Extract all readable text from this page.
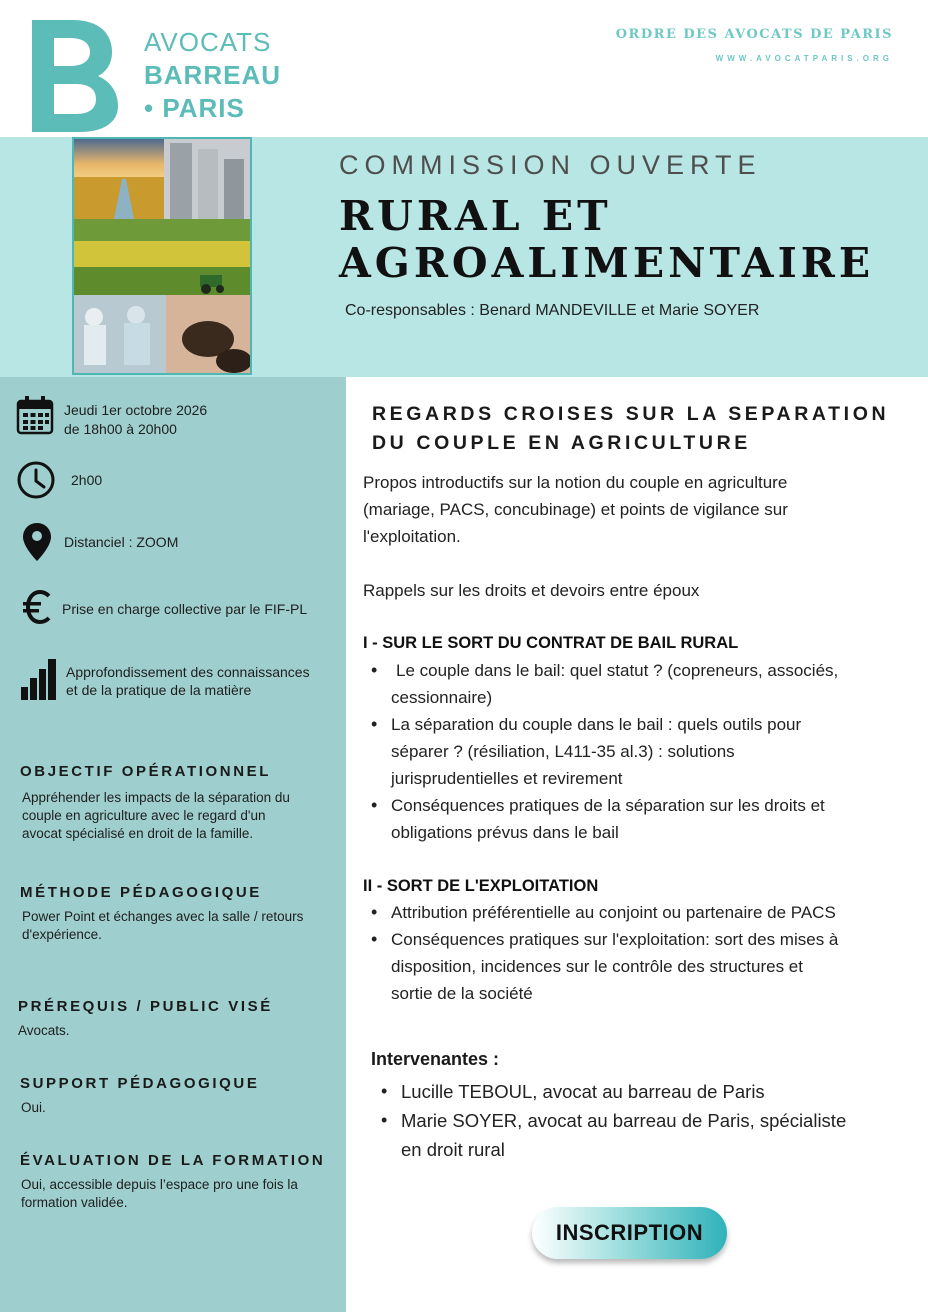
AVOCATS
BARREAU
• PARIS
ORDRE DES AVOCATS DE PARIS
WWW.AVOCATPARIS.ORG
COMMISSION OUVERTE
RURAL ET
AGROALIMENTAIRE
Co-responsables : Benard MANDEVILLE et Marie SOYER
Jeudi 1er octobre 2026
de 18h00 à 20h00
2h00
Distanciel : ZOOM
Prise en charge collective par le FIF-PL
Approfondissement des connaissances
et de la pratique de la matière
OBJECTIF OPÉRATIONNEL
Appréhender les impacts de la séparation du
couple en agriculture avec le regard d'un
avocat spécialisé en droit de la famille.
MÉTHODE PÉDAGOGIQUE
Power Point et échanges avec la salle / retours
d'expérience.
PRÉREQUIS / PUBLIC VISÉ
Avocats.
SUPPORT PÉDAGOGIQUE
Oui.
ÉVALUATION DE LA FORMATION
Oui, accessible depuis l’espace pro une fois la
formation validée.
REGARDS CROISES SUR LA SEPARATION
DU COUPLE EN AGRICULTURE
Propos introductifs sur la notion du couple en agriculture
(mariage, PACS, concubinage) et points de vigilance sur
l'exploitation.
Rappels sur les droits et devoirs entre époux
I - SUR LE SORT DU CONTRAT DE BAIL RURAL
• Le couple dans le bail: quel statut ? (copreneurs, associés,
cessionnaire)
• La séparation du couple dans le bail : quels outils pour
séparer ? (résiliation, L411-35 al.3) : solutions
jurisprudentielles et revirement
• Conséquences pratiques de la séparation sur les droits et
obligations prévus dans le bail
II - SORT DE L'EXPLOITATION
• Attribution préférentielle au conjoint ou partenaire de PACS
• Conséquences pratiques sur l'exploitation: sort des mises à
disposition, incidences sur le contrôle des structures et
sortie de la société
Intervenantes :
• Lucille TEBOUL, avocat au barreau de Paris
• Marie SOYER, avocat au barreau de Paris, spécialiste
en droit rural
INSCRIPTION
